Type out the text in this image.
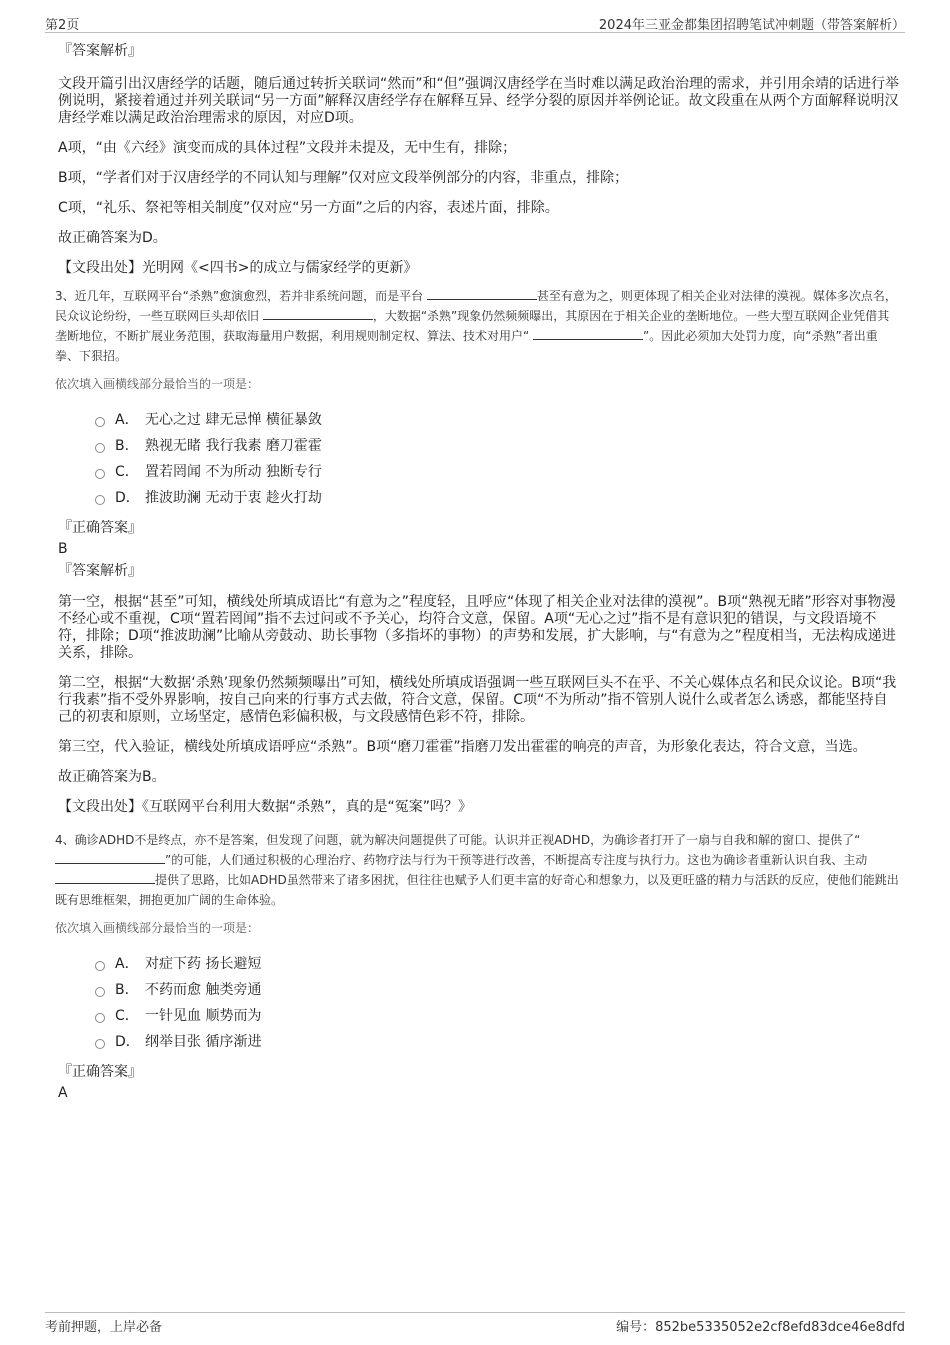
第2页	2024年三亚金都集团招聘笔试冲刺题（带答案解析）
『答案解析』
文段开篇引出汉唐经学的话题，随后通过转折关联词“然而”和“但”强调汉唐经学在当时难以满足政治治理的需求，并引用余靖的话进行举例说明，紧接着通过并列关联词“另一方面”解释汉唐经学存在解释互异、经学分裂的原因并举例论证。故文段重在从两个方面解释说明汉唐经学难以满足政治治理需求的原因，对应D项。
A项，“由《六经》演变而成的具体过程”文段并未提及，无中生有，排除；
B项，“学者们对于汉唐经学的不同认知与理解”仅对应文段举例部分的内容，非重点，排除；
C项，“礼乐、祭祀等相关制度”仅对应“另一方面”之后的内容，表述片面，排除。
故正确答案为D。
【文段出处】光明网《<四书>的成立与儒家经学的更新》
3、近几年，互联网平台“杀熟”愈演愈烈，若并非系统问题，而是平台	甚至有意为之，则更体现了相关企业对法律的漠视。媒体多次点名，民众议论纷纷，一些互联网巨头却依旧	，大数据“杀熟”现象仍然频频曝出，其原因在于相关企业的垄断地位。一些大型互联网企业凭借其垄断地位，不断扩展业务范围，获取海量用户数据，利用规则制定权、算法、技术对用户“	”。因此必须加大处罚力度，向“杀熟”者出重拳、下狠招。
依次填入画横线部分最恰当的一项是：
A． 无心之过 肆无忌惮 横征暴敛
B． 熟视无睹 我行我素 磨刀霍霍
C． 置若罔闻 不为所动 独断专行
D． 推波助澜 无动于衷 趁火打劫
『正确答案』
B
『答案解析』
第一空，根据“甚至”可知，横线处所填成语比“有意为之”程度轻，且呼应“体现了相关企业对法律的漠视”。B项“熟视无睹”形容对事物漫不经心或不重视，C项“置若罔闻”指不去过问或不予关心，均符合文意，保留。A项“无心之过”指不是有意识犯的错误，与文段语境不符，排除；D项“推波助澜”比喻从旁鼓动、助长事物（多指坏的事物）的声势和发展，扩大影响，与“有意为之”程度相当，无法构成递进关系，排除。
第二空，根据“大数据‘杀熟’现象仍然频频曝出”可知，横线处所填成语强调一些互联网巨头不在乎、不关心媒体点名和民众议论。B项“我行我素”指不受外界影响，按自己向来的行事方式去做，符合文意，保留。C项“不为所动”指不管别人说什么或者怎么诱惑，都能坚持自己的初衷和原则，立场坚定，感情色彩偏积极，与文段感情色彩不符，排除。
第三空，代入验证，横线处所填成语呼应“杀熟”。B项“磨刀霍霍”指磨刀发出霍霍的响亮的声音，为形象化表达，符合文意，当选。
故正确答案为B。
【文段出处】《互联网平台利用大数据“杀熟”，真的是“冤案”吗？》
4、确诊ADHD不是终点，亦不是答案，但发现了问题，就为解决问题提供了可能。认识并正视ADHD，为确诊者打开了一扇与自我和解的窗口、提供了“ ”的可能，人们通过积极的心理治疗、药物疗法与行为干预等进行改善，不断提高专注度与执行力。这也为确诊者重新认识自我、主动 提供了思路，比如ADHD虽然带来了诸多困扰，但往往也赋予人们更丰富的好奇心和想象力，以及更旺盛的精力与活跃的反应，使他们能跳出既有思维框架，拥抱更加广阔的生命体验。
依次填入画横线部分最恰当的一项是：
A． 对症下药 扬长避短
B． 不药而愈 触类旁通
C． 一针见血 顺势而为
D． 纲举目张 循序渐进
『正确答案』
A
考前押题，上岸必备	编号：852be5335052e2cf8efd83dce46e8dfd
